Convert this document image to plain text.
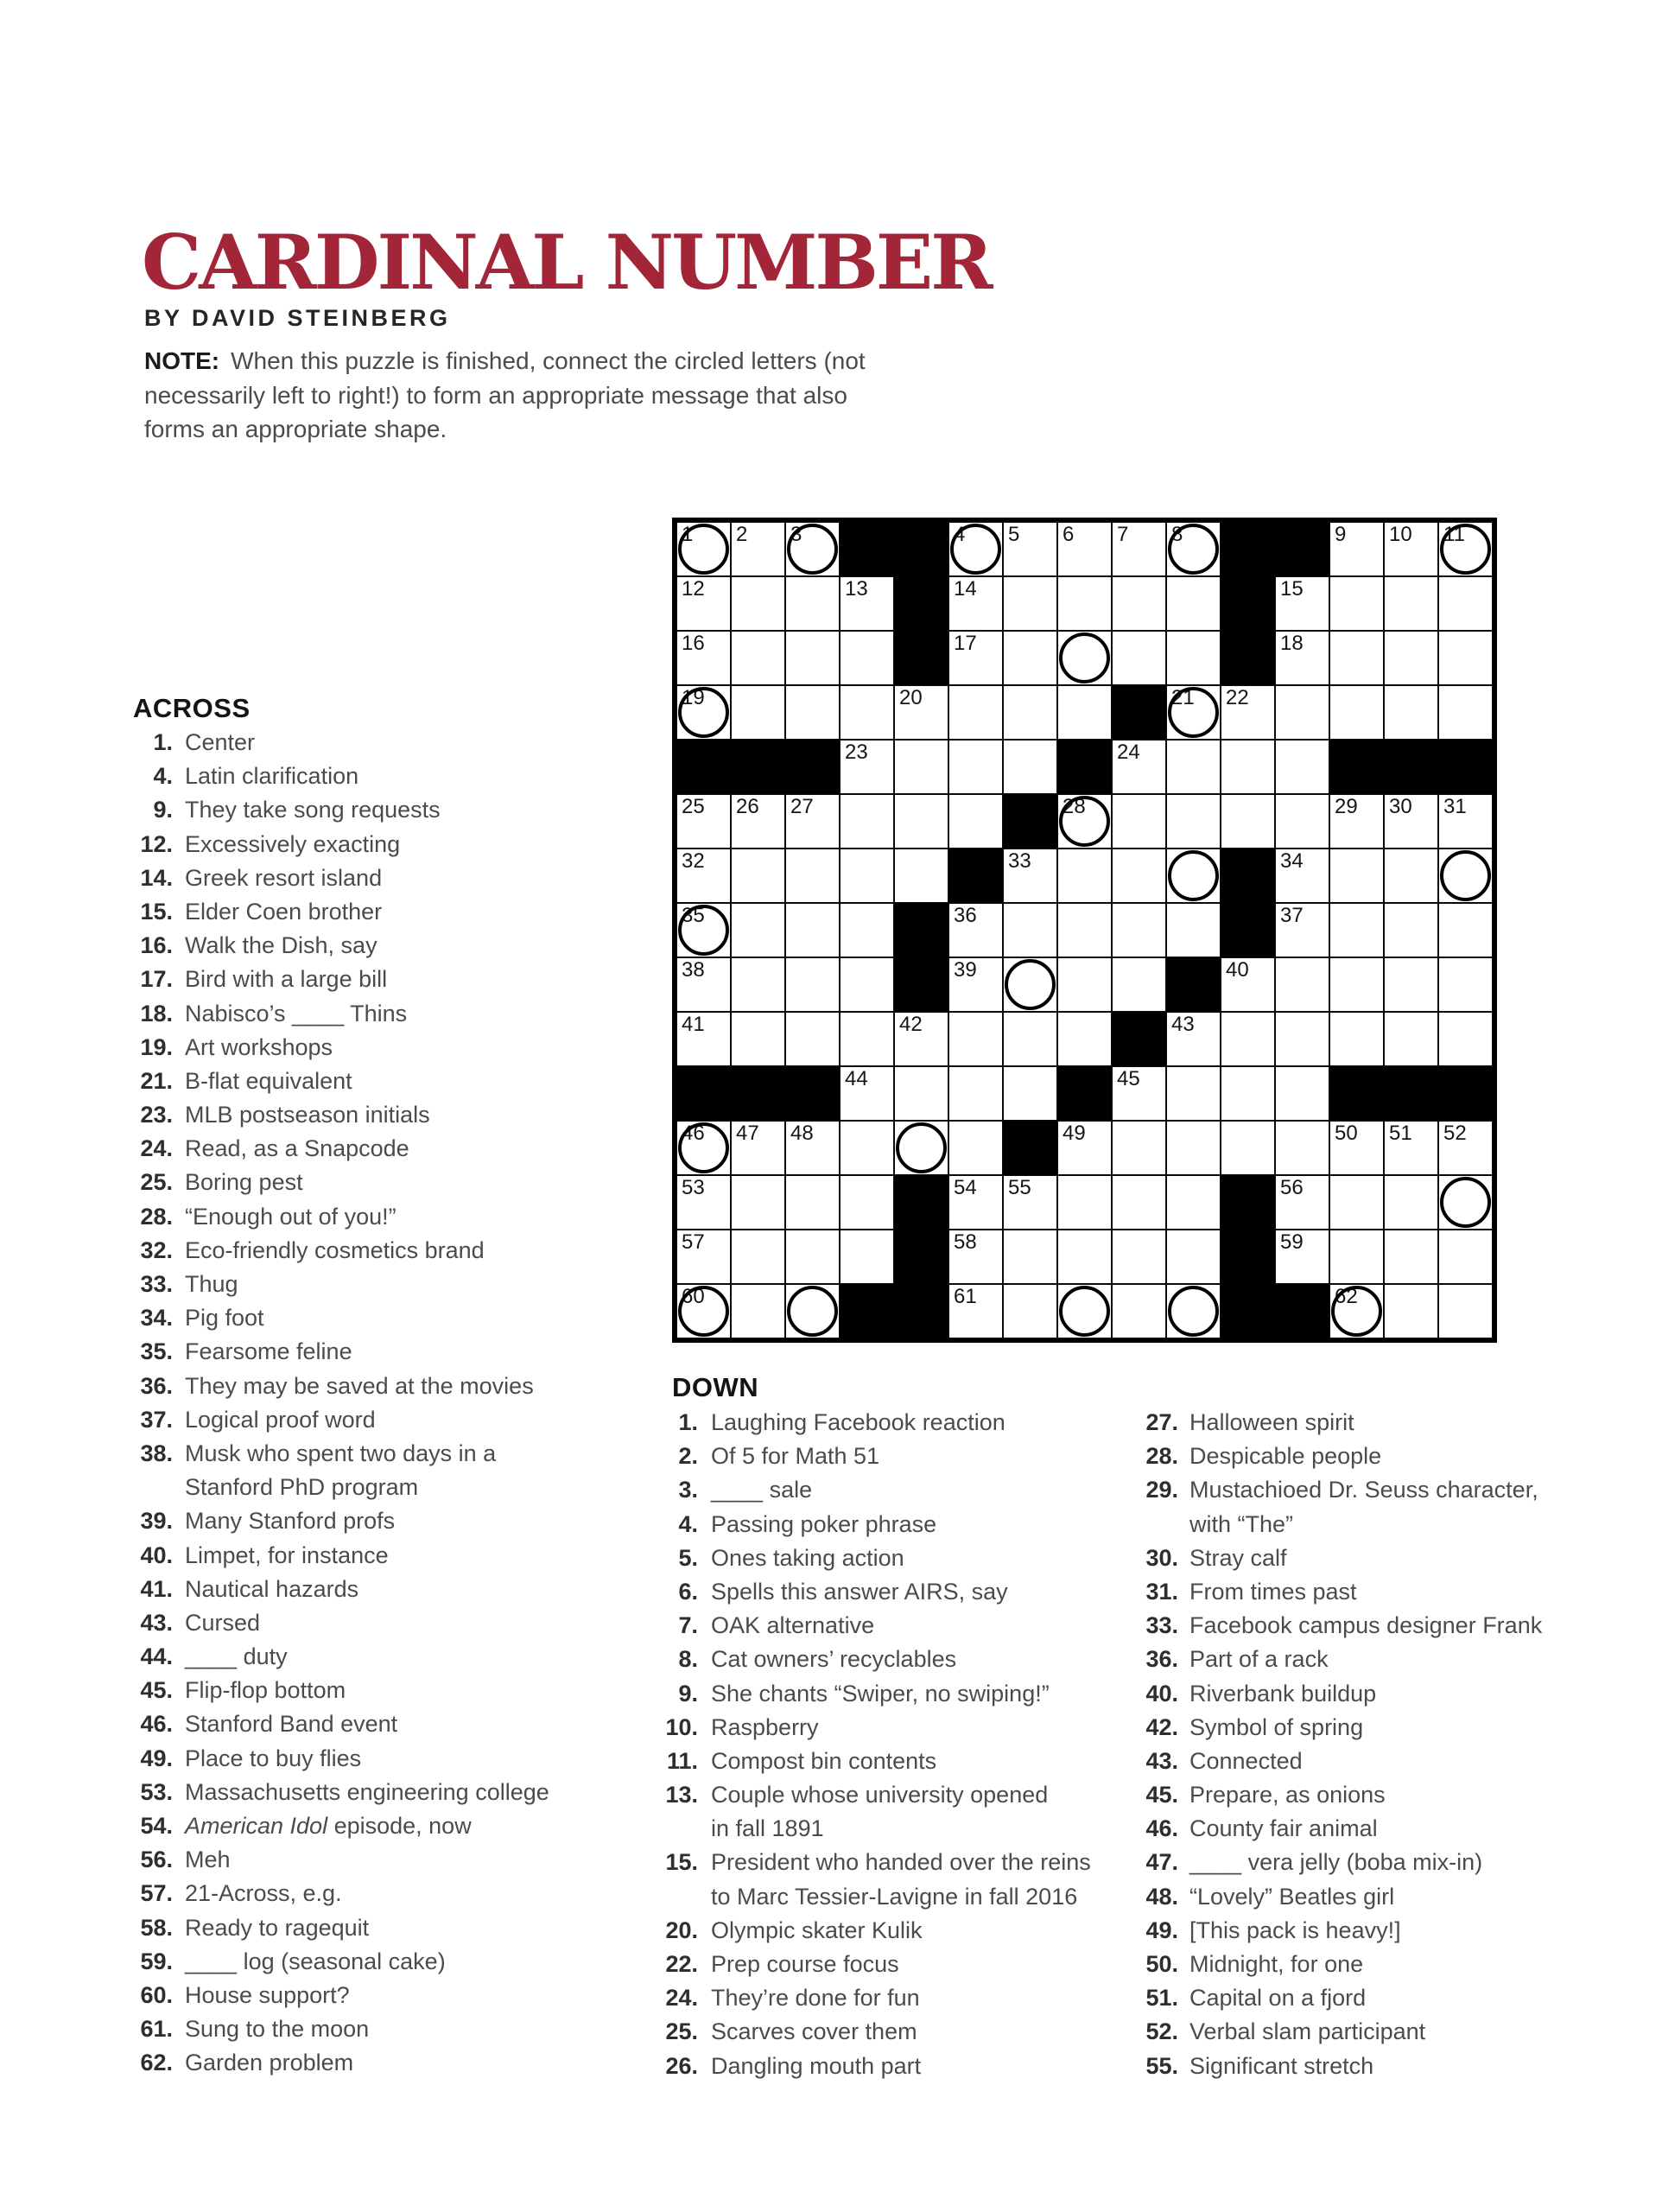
CARDINAL NUMBER
BY DAVID STEINBERG
NOTE: When this puzzle is finished, connect the circled letters (not
necessarily left to right!) to form an appropriate message that also
forms an appropriate shape.
1 2 3	4 5 6 7 8	9 10 11
12	13	14	15
16	17	18
19	20	21 22
23	24
25 26 27	28	29 30 31
32	33	34
35	36	37
38	39	40
41	42	43
44	45
46 47 48	49	50 51 52
53	54 55	56
57	58	59
60	61	62
ACROSS
1. Center
4. Latin clarification
9. They take song requests
12. Excessively exacting
14. Greek resort island
15. Elder Coen brother
16. Walk the Dish, say
17. Bird with a large bill
18. Nabisco’s ____ Thins
19. Art workshops
21. B-flat equivalent
23. MLB postseason initials
24. Read, as a Snapcode
25. Boring pest
28. “Enough out of you!”
32. Eco-friendly cosmetics brand
33. Thug
34. Pig foot
35. Fearsome feline
36. They may be saved at the movies
37. Logical proof word
38. Musk who spent two days in a
Stanford PhD program
39. Many Stanford profs
40. Limpet, for instance
41. Nautical hazards
43. Cursed
44. ____ duty
45. Flip-flop bottom
46. Stanford Band event
49. Place to buy flies
53. Massachusetts engineering college
54. American Idol episode, now
56. Meh
57. 21-Across, e.g.
58. Ready to ragequit
59. ____ log (seasonal cake)
60. House support?
61. Sung to the moon
62. Garden problem
DOWN
1. Laughing Facebook reaction
2. Of 5 for Math 51
3. ____ sale
4. Passing poker phrase
5. Ones taking action
6. Spells this answer AIRS, say
7. OAK alternative
8. Cat owners’ recyclables
9. She chants “Swiper, no swiping!”
10. Raspberry
11. Compost bin contents
13. Couple whose university opened
in fall 1891
15. President who handed over the reins
to Marc Tessier-Lavigne in fall 2016
20. Olympic skater Kulik
22. Prep course focus
24. They’re done for fun
25. Scarves cover them
26. Dangling mouth part
27. Halloween spirit
28. Despicable people
29. Mustachioed Dr. Seuss character,
with “The”
30. Stray calf
31. From times past
33. Facebook campus designer Frank
36. Part of a rack
40. Riverbank buildup
42. Symbol of spring
43. Connected
45. Prepare, as onions
46. County fair animal
47. ____ vera jelly (boba mix-in)
48. “Lovely” Beatles girl
49. [This pack is heavy!]
50. Midnight, for one
51. Capital on a fjord
52. Verbal slam participant
55. Significant stretch
